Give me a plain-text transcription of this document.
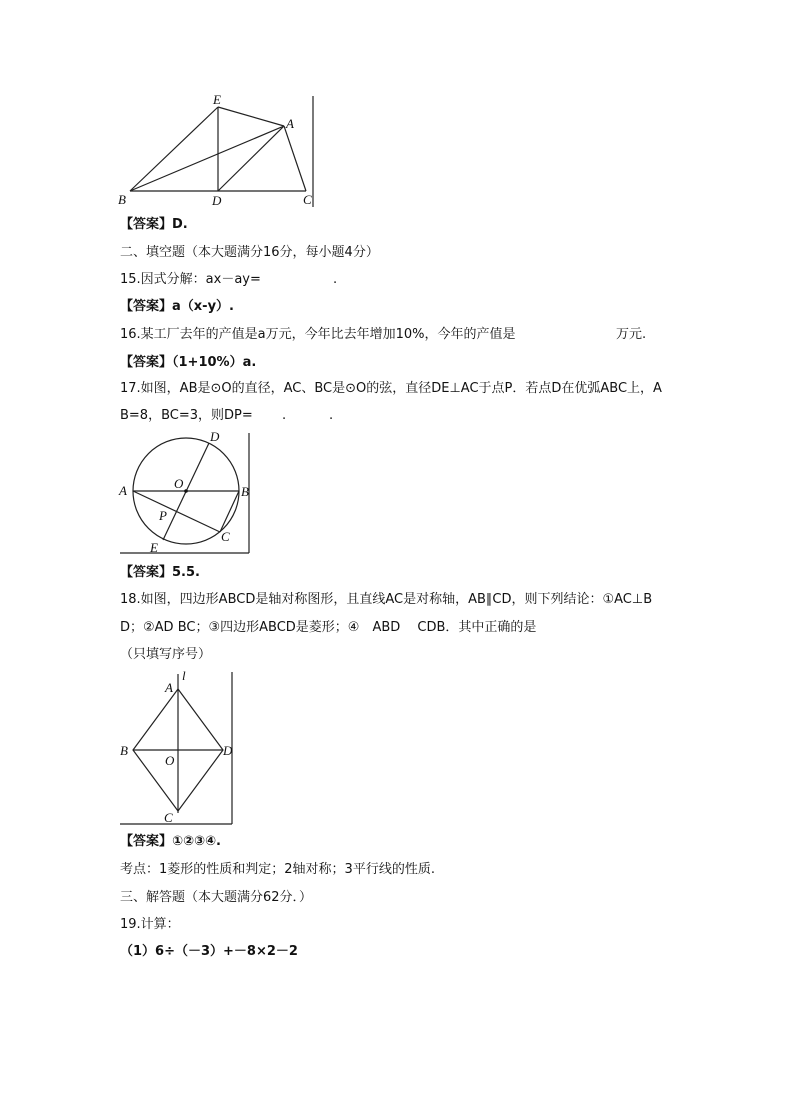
E
A
B	D	C
【答案】D.
二、填空题（本大题满分16分，每小题4分）
15.因式分解：ax－ay=	.
【答案】a（x-y）.
16.某工厂去年的产值是a万元，今年比去年增加10%，今年的产值是	万元.
【答案】（1+10%）a.
17.如图，AB是⊙O的直径，AC、BC是⊙O的弦，直径DE⊥AC于点P．若点D在优弧ABC上，A
B=8，BC=3，则DP= .	.
A	B
O
D
P
C
E
【答案】5.5.
18.如图，四边形ABCD是轴对称图形，且直线AC是对称轴，AB∥CD，则下列结论：①AC⊥B
D；②AD BC；③四边形ABCD是菱形；④　ABD　 CDB．其中正确的是
（只填写序号）
A
l
B
O
D
C
【答案】①②③④.
考点：1菱形的性质和判定；2轴对称；3平行线的性质.
三、解答题（本大题满分62分．）
19.计算：
（1）6÷（－3）+－8×2－2
